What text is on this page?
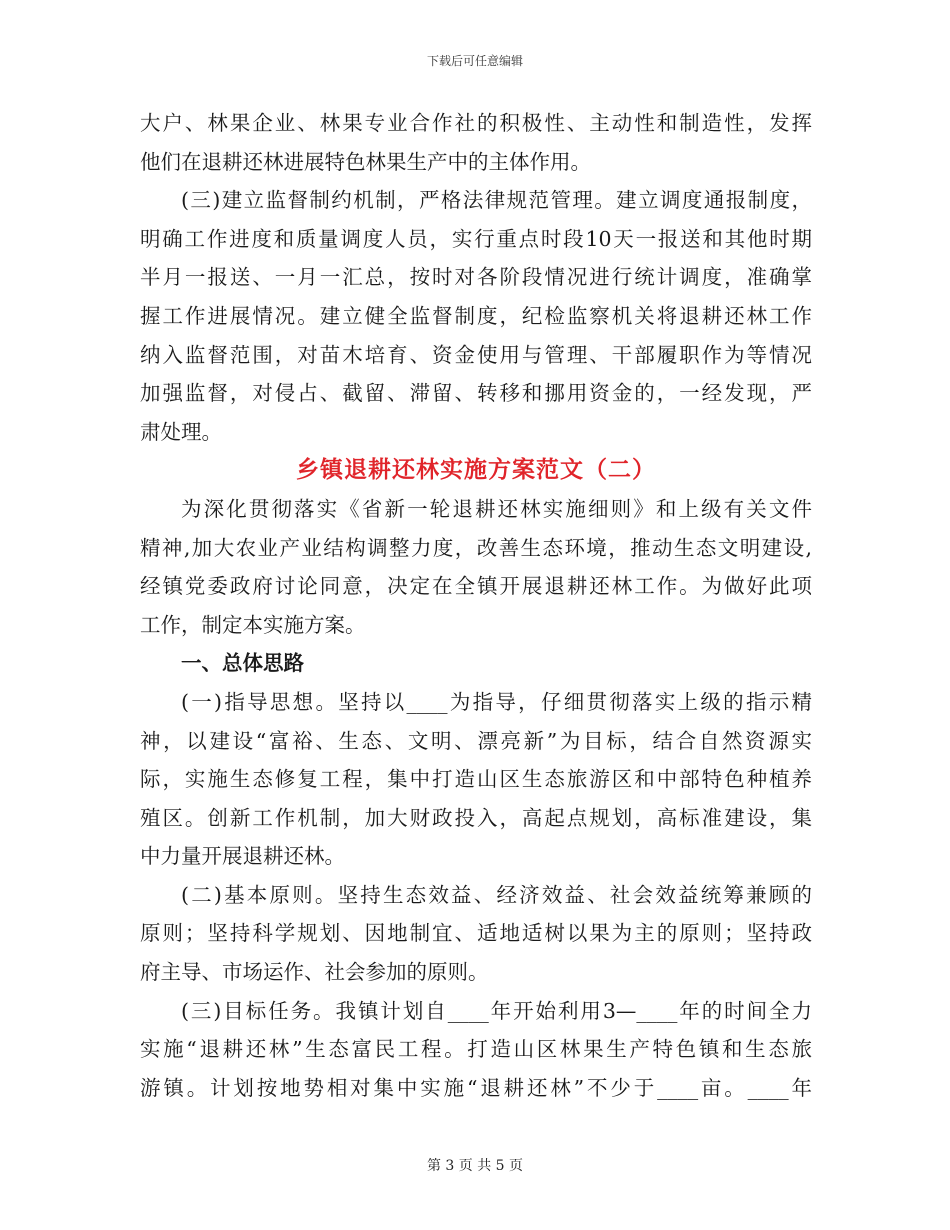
下载后可任意编辑
大户、林果企业、林果专业合作社的积极性、主动性和制造性，发挥
他们在退耕还林进展特色林果生产中的主体作用。
(三)建立监督制约机制，严格法律规范管理。建立调度通报制度，
明确工作进度和质量调度人员，实行重点时段10天一报送和其他时期
半月一报送、一月一汇总，按时对各阶段情况进行统计调度，准确掌
握工作进展情况。建立健全监督制度，纪检监察机关将退耕还林工作
纳入监督范围，对苗木培育、资金使用与管理、干部履职作为等情况
加强监督，对侵占、截留、滞留、转移和挪用资金的，一经发现，严
肃处理。
乡镇退耕还林实施方案范文（二）
为深化贯彻落实《省新一轮退耕还林实施细则》和上级有关文件
精神,加大农业产业结构调整力度，改善生态环境，推动生态文明建设,
经镇党委政府讨论同意，决定在全镇开展退耕还林工作。为做好此项
工作，制定本实施方案。
一、总体思路
(一)指导思想。坚持以____为指导，仔细贯彻落实上级的指示精
神，以建设“富裕、生态、文明、漂亮新”为目标，结合自然资源实
际，实施生态修复工程，集中打造山区生态旅游区和中部特色种植养
殖区。创新工作机制，加大财政投入，高起点规划，高标准建设，集
中力量开展退耕还林。
(二)基本原则。坚持生态效益、经济效益、社会效益统筹兼顾的
原则；坚持科学规划、因地制宜、适地适树以果为主的原则；坚持政
府主导、市场运作、社会参加的原则。
(三)目标任务。我镇计划自____年开始利用3—____年的时间全力
实施“退耕还林”生态富民工程。打造山区林果生产特色镇和生态旅
游镇。计划按地势相对集中实施“退耕还林”不少于____亩。____年
第 3 页 共 5 页
